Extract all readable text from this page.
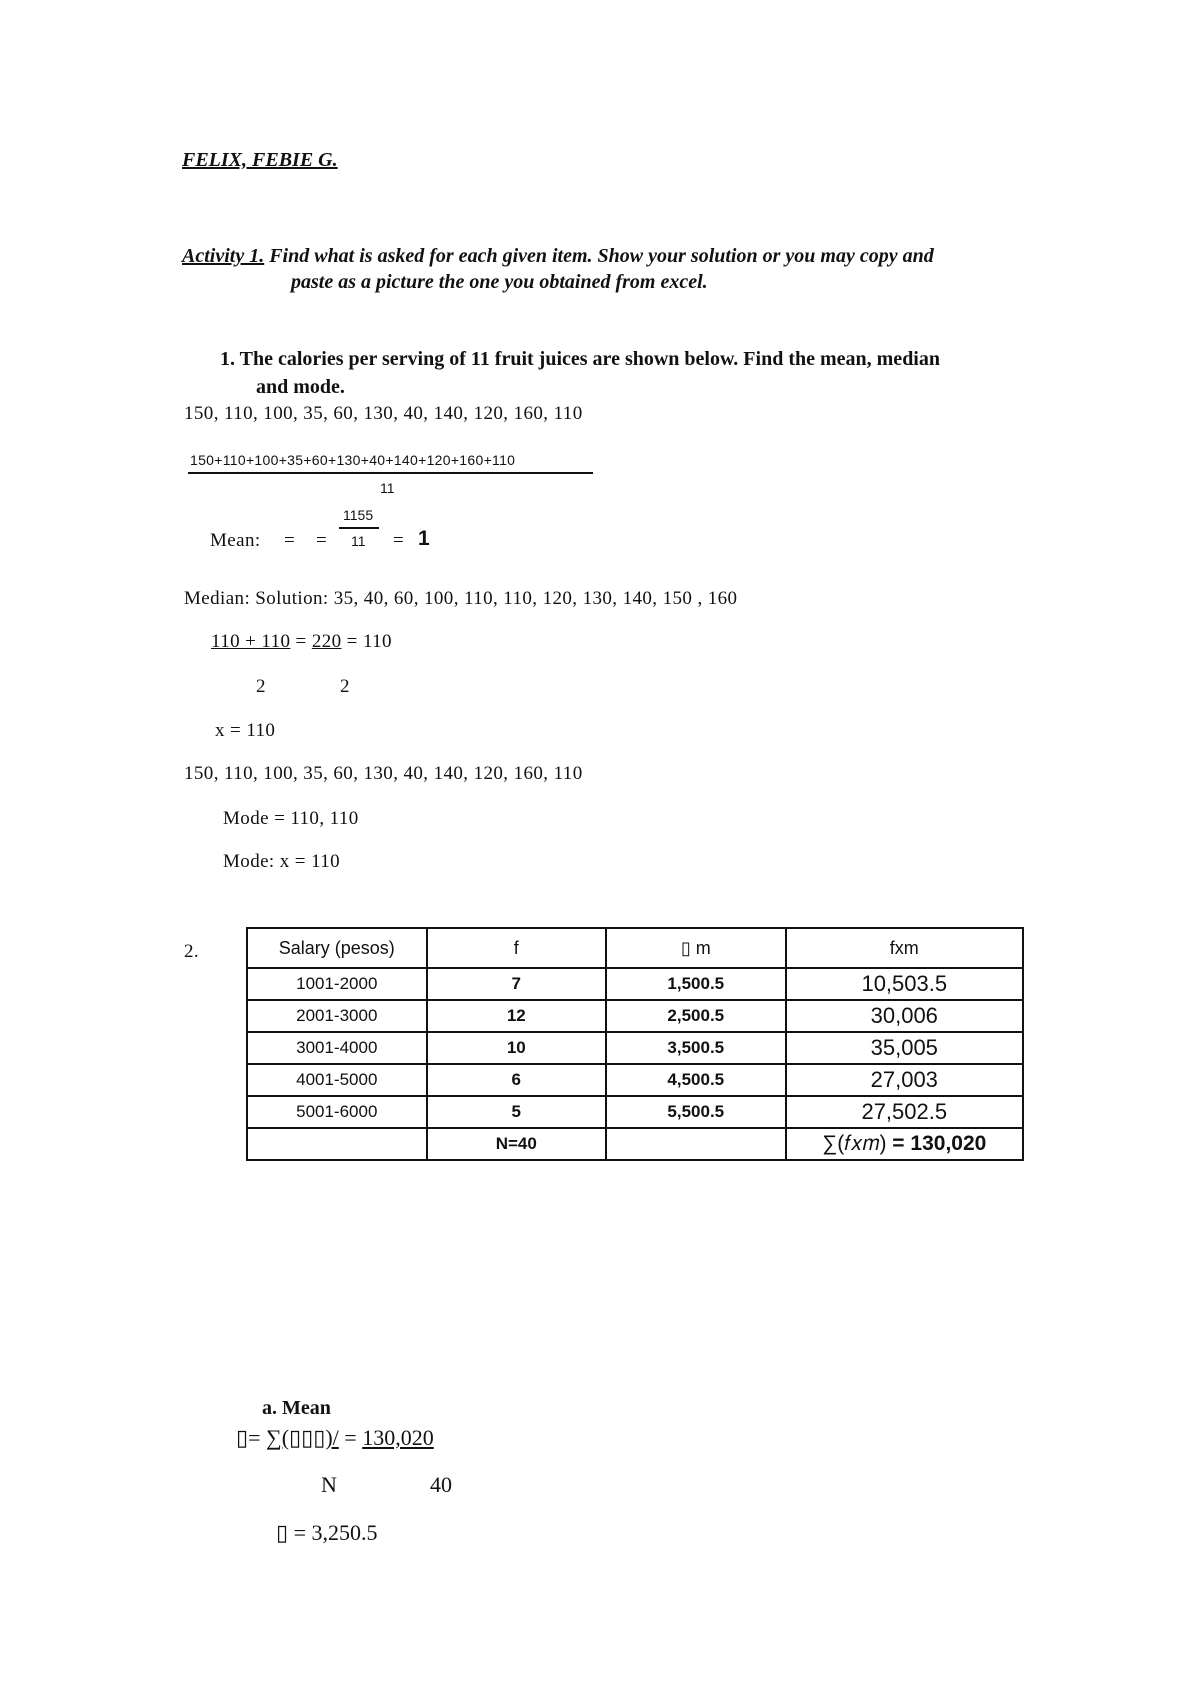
FELIX, FEBIE G.
Activity 1. Find what is asked for each given item. Show your solution or you may copy and
paste as a picture the one you obtained from excel.
1. The calories per serving of 11 fruit juices are shown below. Find the mean, median
and mode.
150, 110, 100, 35, 60, 130, 40, 140, 120, 160, 110
150+110+100+35+60+130+40+140+120+160+110
11
Mean: = =
1155
11 = 1
Median: Solution: 35, 40, 60, 100, 110, 110, 120, 130, 140, 150 , 160
110 + 110 = 220 = 110
2	2
x = 110
150, 110, 100, 35, 60, 130, 40, 140, 120, 160, 110
Mode = 110, 110
Mode: x = 110
2.	Salary (pesos)	f	▯ m	fxm
1001-2000	7	1,500.5	10,503.5
2001-3000	12	2,500.5	30,006
3001-4000	10	3,500.5	35,005
4001-5000	6	4,500.5	27,003
5001-6000	5	5,500.5	27,502.5
	N=40		∑(𝑓𝑥𝑚) = 130,020
a. Mean
▯= ∑(▯▯▯)/ = 130,020
N	40
▯ = 3,250.5
